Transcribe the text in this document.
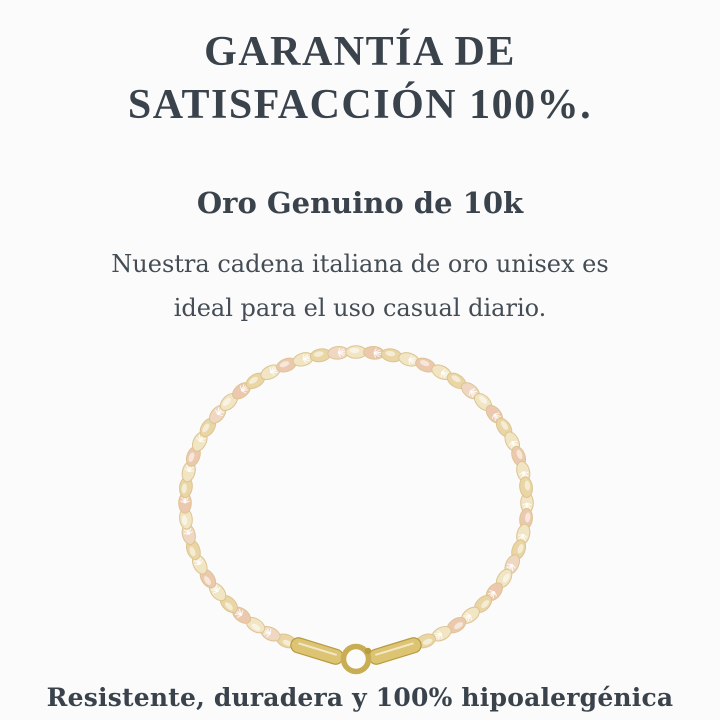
GARANTÍA DE
SATISFACCIÓN 100%.
Oro Genuino de 10k
Nuestra cadena italiana de oro unisex es
ideal para el uso casual diario.
Resistente, duradera y 100% hipoalergénica
